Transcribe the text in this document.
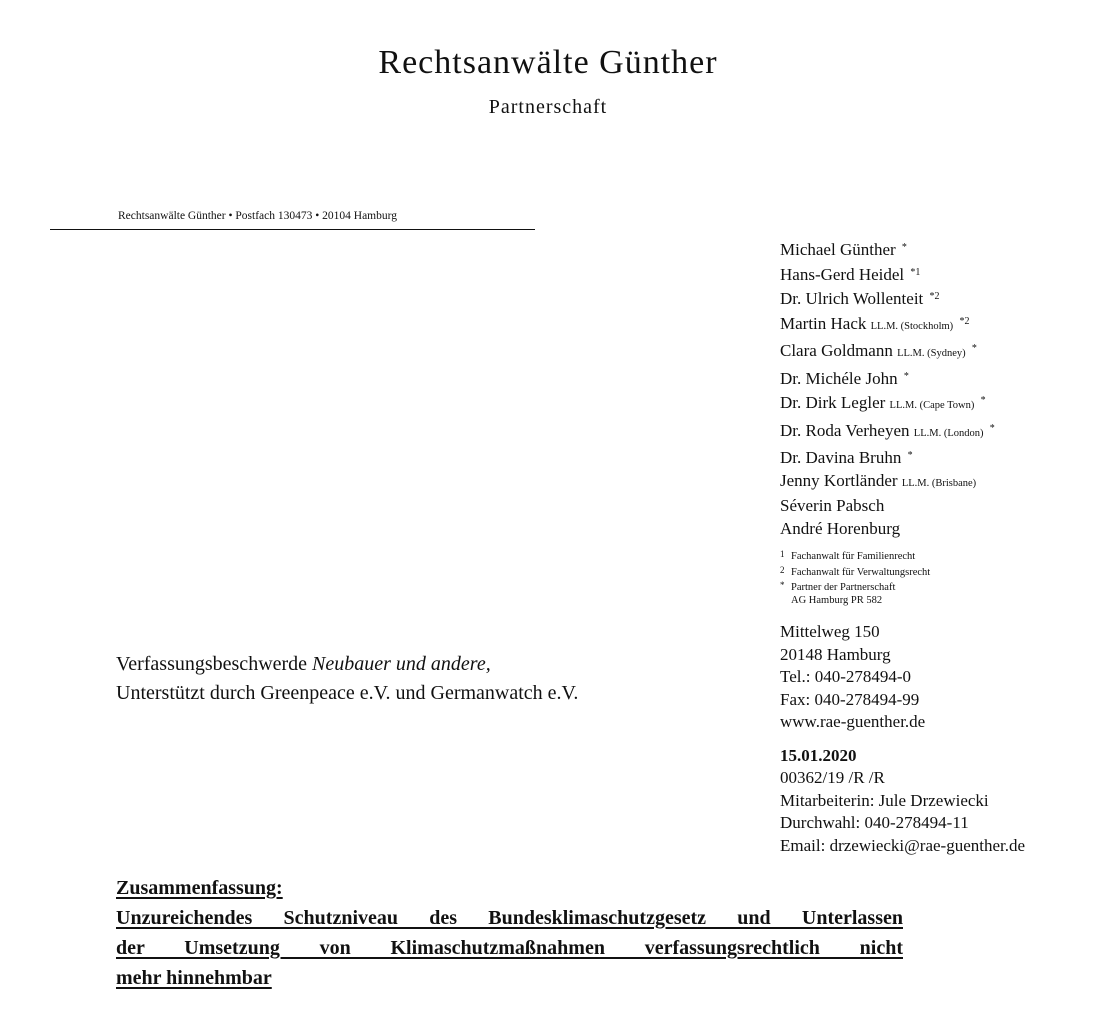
Rechtsanwälte Günther
Partnerschaft
Rechtsanwälte Günther • Postfach 130473 • 20104 Hamburg
Michael Günther *
Hans-Gerd Heidel $^{*1}$
Dr. Ulrich Wollenteit $^{*2}$
Martin Hack LL.M. (Stockholm) $^{*2}$
Clara Goldmann LL.M. (Sydney) *
Dr. Michéle John *
Dr. Dirk Legler LL.M. (Cape Town) *
Dr. Roda Verheyen LL.M. (London) *
Dr. Davina Bruhn *
Jenny Kortländer LL.M. (Brisbane)
Séverin Pabsch
André Horenburg
1 Fachanwalt für Familienrecht
2 Fachanwalt für Verwaltungsrecht
* Partner der Partnerschaft
AG Hamburg PR 582
Mittelweg 150
20148 Hamburg
Tel.: 040-278494-0
Fax: 040-278494-99
www.rae-guenther.de
15.01.2020
00362/19 /R /R
Mitarbeiterin: Jule Drzewiecki
Durchwahl: 040-278494-11
Email: drzewiecki@rae-guenther.de
Verfassungsbeschwerde Neubauer und andere,
Unterstützt durch Greenpeace e.V. und Germanwatch e.V.
Zusammenfassung:
Unzureichendes Schutzniveau des Bundesklimaschutzgesetz und Unterlassen
der Umsetzung von Klimaschutzmaßnahmen verfassungsrechtlich nicht
mehr hinnehmbar
